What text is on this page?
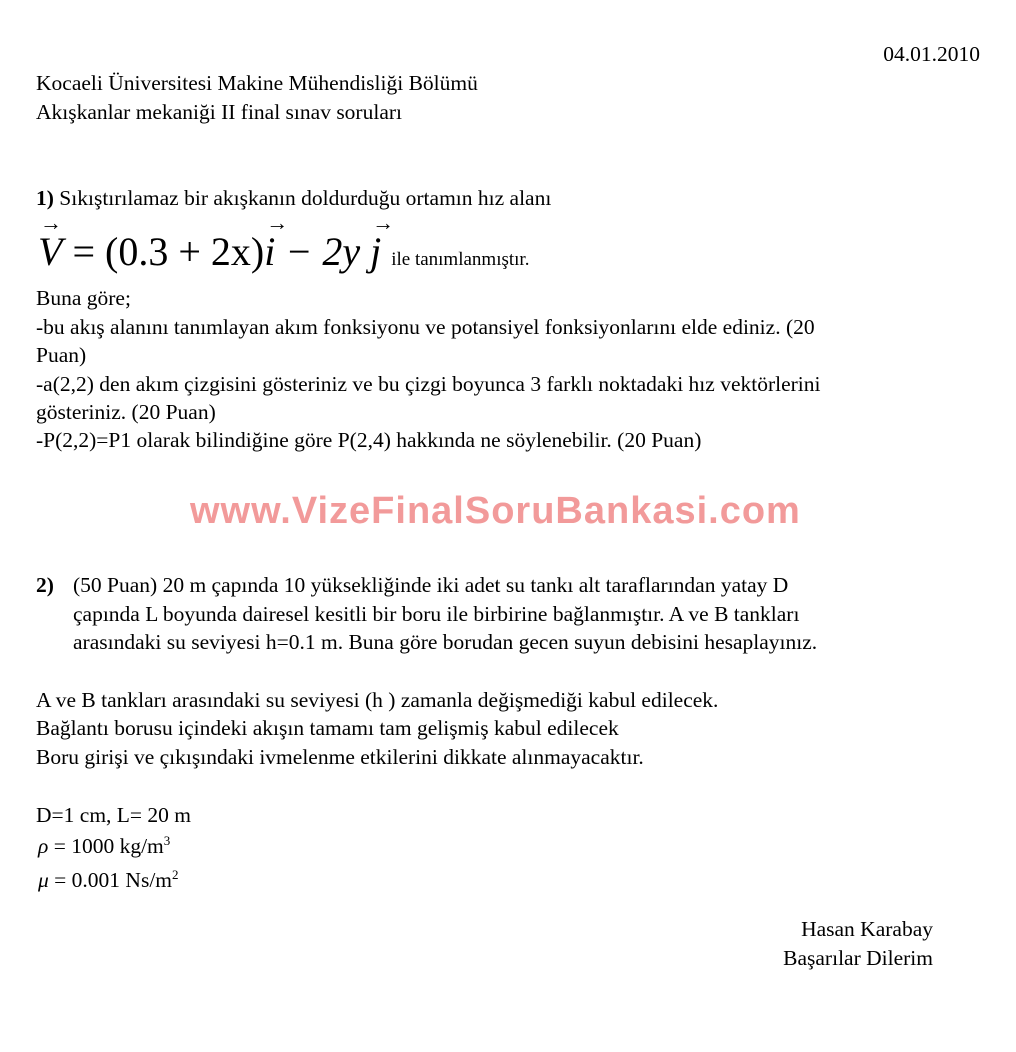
04.01.2010
Kocaeli Üniversitesi Makine Mühendisliği Bölümü
Akışkanlar mekaniği II final sınav soruları
1) Sıkıştırılamaz bir akışkanın doldurduğu ortamın hız alanı
→ V = (0.3 + 2x)→ i − 2y → j ile tanımlanmıştır.
Buna göre;
-bu akış alanını tanımlayan akım fonksiyonu ve potansiyel fonksiyonlarını elde ediniz. (20
Puan)
-a(2,2) den akım çizgisini gösteriniz ve bu çizgi boyunca 3 farklı noktadaki hız vektörlerini
gösteriniz. (20 Puan)
-P(2,2)=P1 olarak bilindiğine göre P(2,4) hakkında ne söylenebilir. (20 Puan)
www.VizeFinalSoruBankasi.com
2) (50 Puan) 20 m çapında 10 yüksekliğinde iki adet su tankı alt taraflarından yatay D
çapında L boyunda dairesel kesitli bir boru ile birbirine bağlanmıştır. A ve B tankları
arasındaki su seviyesi h=0.1 m. Buna göre borudan gecen suyun debisini hesaplayınız.
A ve B tankları arasındaki su seviyesi (h ) zamanla değişmediği kabul edilecek.
Bağlantı borusu içindeki akışın tamamı tam gelişmiş kabul edilecek
Boru girişi ve çıkışındaki ivmelenme etkilerini dikkate alınmayacaktır.
D=1 cm, L= 20 m
ρ = 1000 $kg/m^3$
μ = 0.001 $Ns/m^2$
Hasan Karabay
Başarılar Dilerim
